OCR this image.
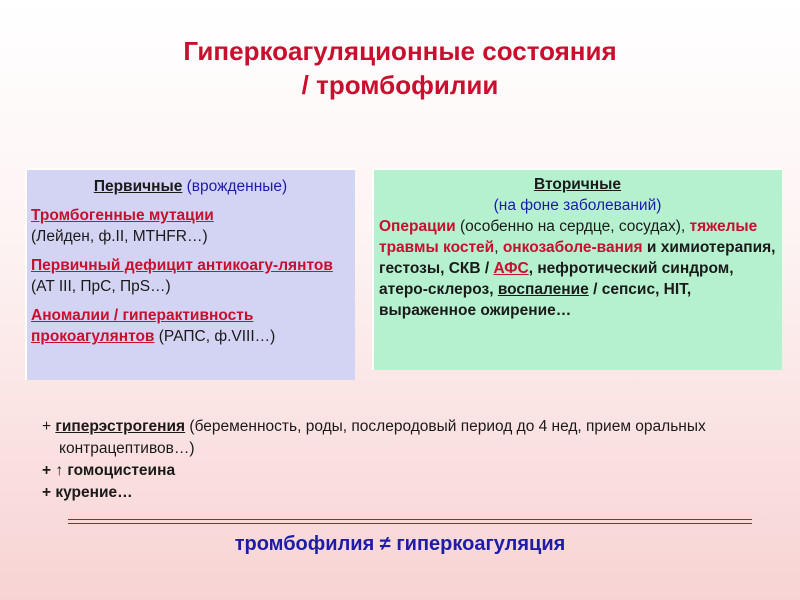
Гиперкоагуляционные состояния
/ тромбофилии
Первичные (врожденные)
Тромбогенные мутации
(Лейден, ф.II, MTHFR…)
Первичный дефицит антикоагу-лянтов (AT III, ПрС, ПрS…)
Аномалии / гиперактивность прокоагулянтов (РАПС, ф.VIII…)
Вторичные
(на фоне заболеваний)
Операции (особенно на сердце, сосудах), тяжелые травмы костей, онкозаболе-вания и химиотерапия, гестозы, СКВ / АФС, нефротический синдром, атеро-склероз, воспаление / сепсис, HIT, выраженное ожирение…
+ гиперэстрогения (беременность, роды, послеродовый период до 4 нед, прием оральных контрацептивов…)
+ ↑ гомоцистеина
+ курение…
тромбофилия ≠ гиперкоагуляция
